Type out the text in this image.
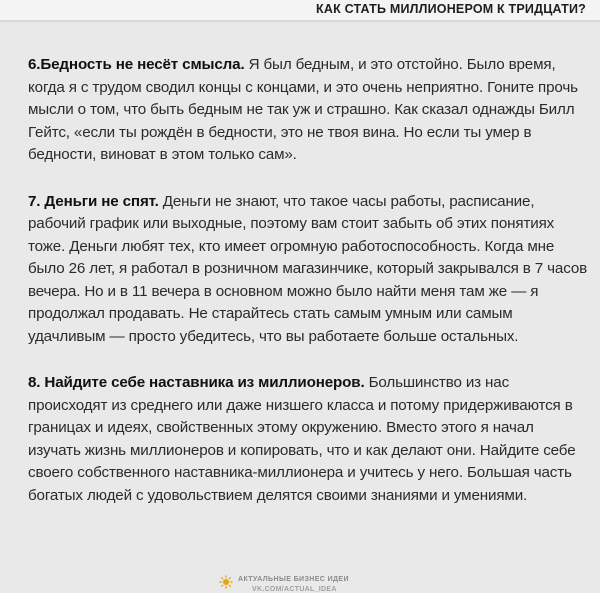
КАК СТАТЬ МИЛЛИОНЕРОМ К ТРИДЦАТИ?

6.Бедность не несёт смысла. Я был бедным, и это отстойно. Было время, когда я с трудом сводил концы с концами, и это очень неприятно. Гоните прочь мысли о том, что быть бедным не так уж и страшно. Как сказал однажды Билл Гейтс, «если ты рождён в бедности, это не твоя вина. Но если ты умер в бедности, виноват в этом только сам».

7. Деньги не спят. Деньги не знают, что такое часы работы, расписание, рабочий график или выходные, поэтому вам стоит забыть об этих понятиях тоже. Деньги любят тех, кто имеет огромную работоспособность. Когда мне было 26 лет, я работал в розничном магазинчике, который закрывался в 7 часов вечера. Но и в 11 вечера в основном можно было найти меня там же — я продолжал продавать. Не старайтесь стать самым умным или самым удачливым — просто убедитесь, что вы работаете больше остальных.

8. Найдите себе наставника из миллионеров. Большинство из нас происходят из среднего или даже низшего класса и потому придерживаются в границах и идеях, свойственных этому окружению. Вместо этого я начал изучать жизнь миллионеров и копировать, что и как делают они. Найдите себе своего собственного наставника-миллионера и учитесь у него. Большая часть богатых людей с удовольствием делятся своими знаниями и умениями.

АКТУАЛЬНЫЕ БИЗНЕС ИДЕИ
VK.COM/ACTUAL_IDEA
